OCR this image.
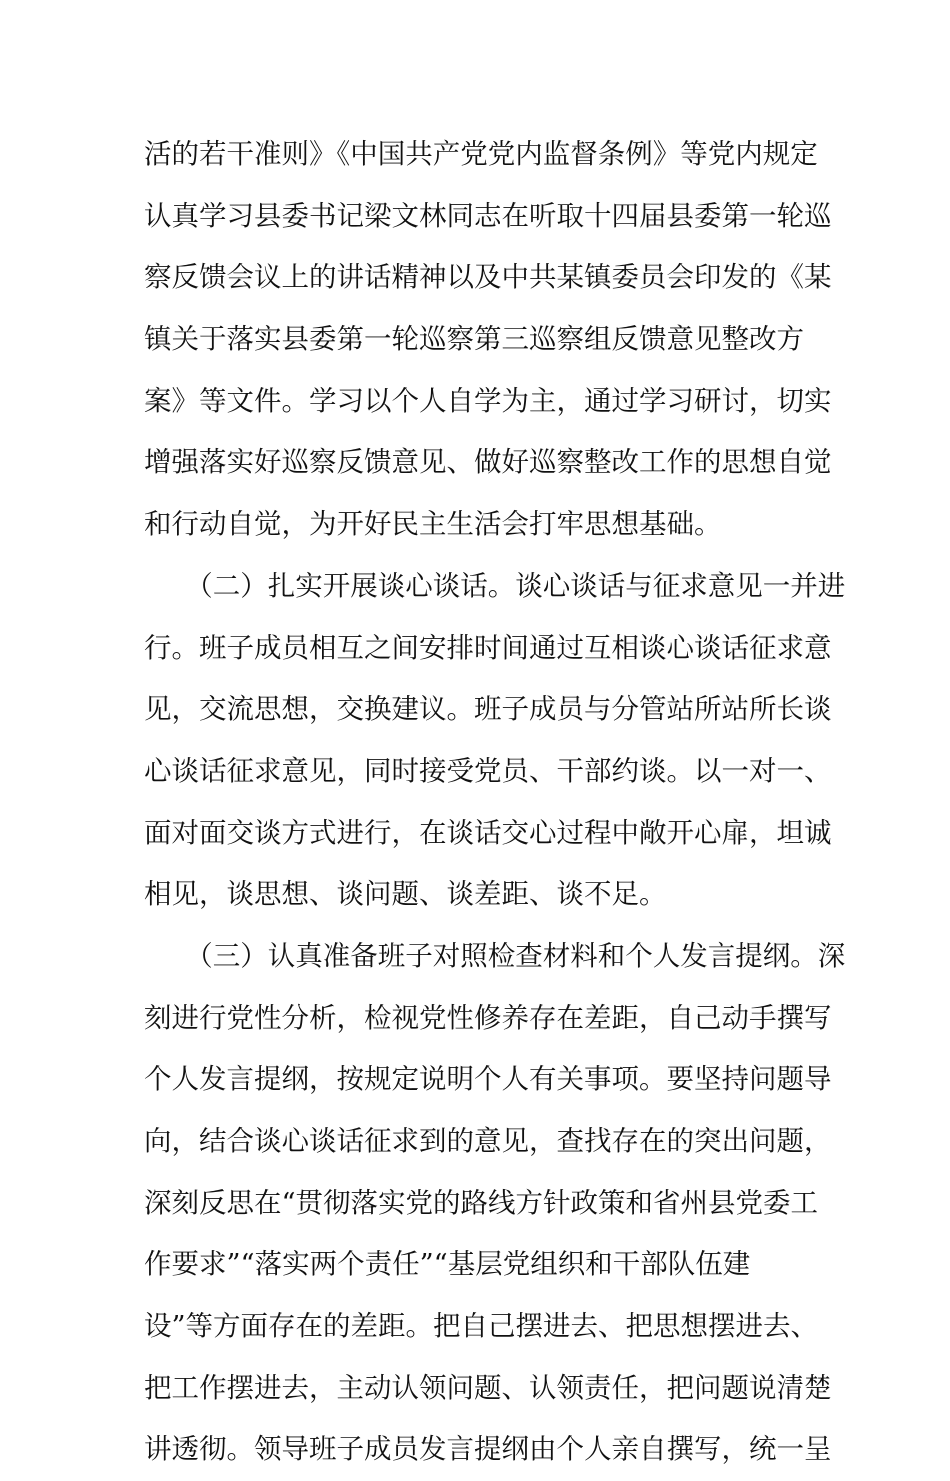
活的若干准则》《中国共产党党内监督条例》等党内规定
认真学习县委书记梁文林同志在听取十四届县委第一轮巡
察反馈会议上的讲话精神以及中共某镇委员会印发的《某
镇关于落实县委第一轮巡察第三巡察组反馈意见整改方
案》等文件。学习以个人自学为主，通过学习研讨，切实
增强落实好巡察反馈意见、做好巡察整改工作的思想自觉
和行动自觉，为开好民主生活会打牢思想基础。
　　（二）扎实开展谈心谈话。谈心谈话与征求意见一并进
行。班子成员相互之间安排时间通过互相谈心谈话征求意
见，交流思想，交换建议。班子成员与分管站所站所长谈
心谈话征求意见，同时接受党员、干部约谈。以一对一、
面对面交谈方式进行，在谈话交心过程中敞开心扉，坦诚
相见，谈思想、谈问题、谈差距、谈不足。
　　（三）认真准备班子对照检查材料和个人发言提纲。深
刻进行党性分析，检视党性修养存在差距，自己动手撰写
个人发言提纲，按规定说明个人有关事项。要坚持问题导
向，结合谈心谈话征求到的意见，查找存在的突出问题，
深刻反思在“贯彻落实党的路线方针政策和省州县党委工
作要求”“落实两个责任”“基层党组织和干部队伍建
设”等方面存在的差距。把自己摆进去、把思想摆进去、
把工作摆进去，主动认领问题、认领责任，把问题说清楚
讲透彻。领导班子成员发言提纲由个人亲自撰写，统一呈
